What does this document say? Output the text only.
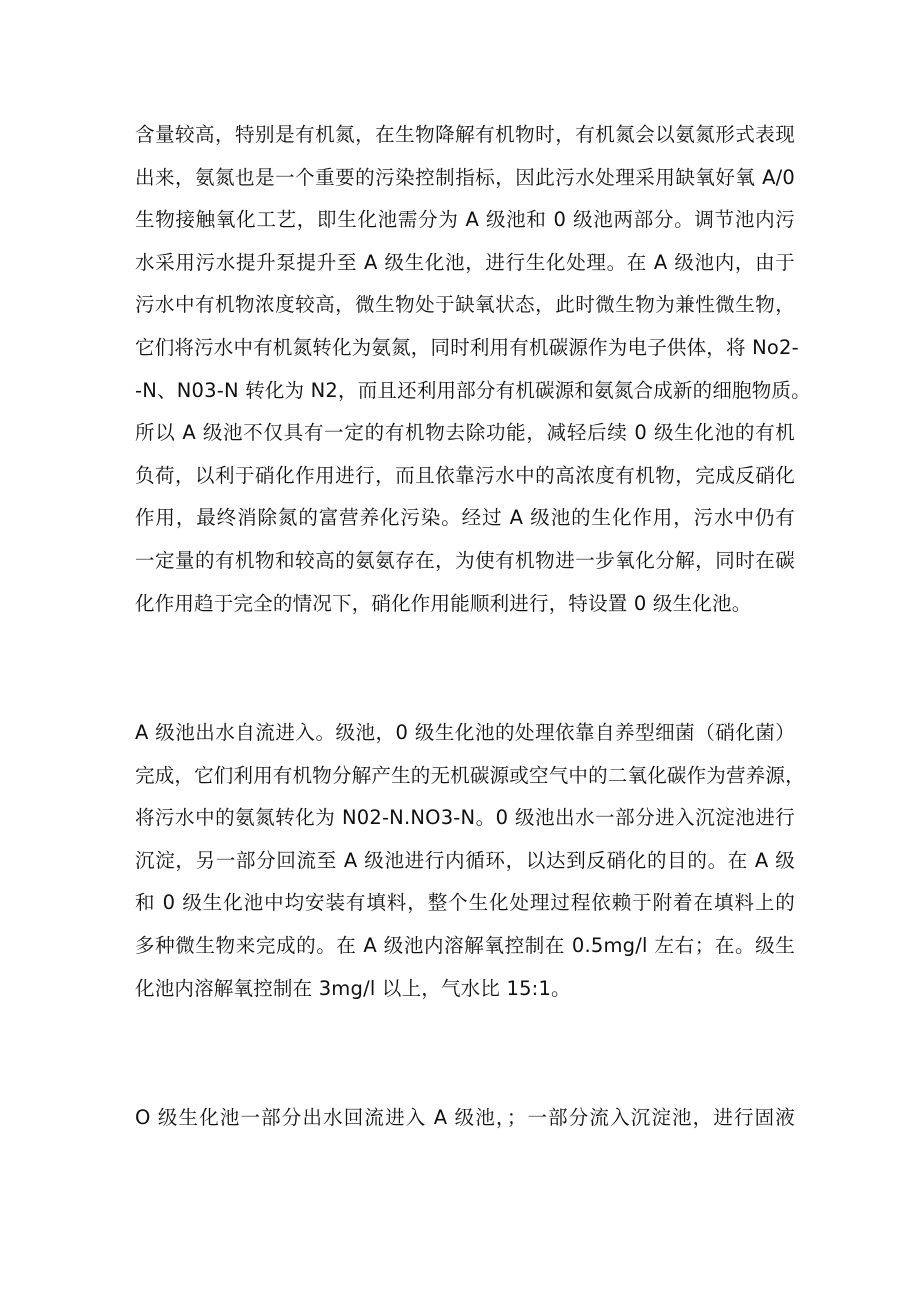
含量较高，特别是有机氮，在生物降解有机物时，有机氮会以氨氮形式表现
出来，氨氮也是一个重要的污染控制指标，因此污水处理采用缺氧好氧 A/0
生物接触氧化工艺，即生化池需分为 A 级池和 0 级池两部分。调节池内污
水采用污水提升泵提升至 A 级生化池，进行生化处理。在 A 级池内，由于
污水中有机物浓度较高，微生物处于缺氧状态，此时微生物为兼性微生物，
它们将污水中有机氮转化为氨氮，同时利用有机碳源作为电子供体，将 No2-
-N、N03-N 转化为 N2，而且还利用部分有机碳源和氨氮合成新的细胞物质。
所以 A 级池不仅具有一定的有机物去除功能，减轻后续 0 级生化池的有机
负荷，以利于硝化作用进行，而且依靠污水中的高浓度有机物，完成反硝化
作用，最终消除氮的富营养化污染。经过 A 级池的生化作用，污水中仍有
一定量的有机物和较高的氨氨存在，为使有机物进一步氧化分解，同时在碳
化作用趋于完全的情况下，硝化作用能顺利进行，特设置 0 级生化池。

A 级池出水自流进入。级池，0 级生化池的处理依靠自养型细菌（硝化菌）
完成，它们利用有机物分解产生的无机碳源或空气中的二氧化碳作为营养源，
将污水中的氨氮转化为 N02-N.NO3-N。0 级池出水一部分进入沉淀池进行
沉淀，另一部分回流至 A 级池进行内循环，以达到反硝化的目的。在 A 级
和 0 级生化池中均安装有填料，整个生化处理过程依赖于附着在填料上的
多种微生物来完成的。在 A 级池内溶解氧控制在 0.5mg/l 左右；在。级生
化池内溶解氧控制在 3mg/l 以上，气水比 15:1。

O 级生化池一部分出水回流进入 A 级池，；一部分流入沉淀池，进行固液
